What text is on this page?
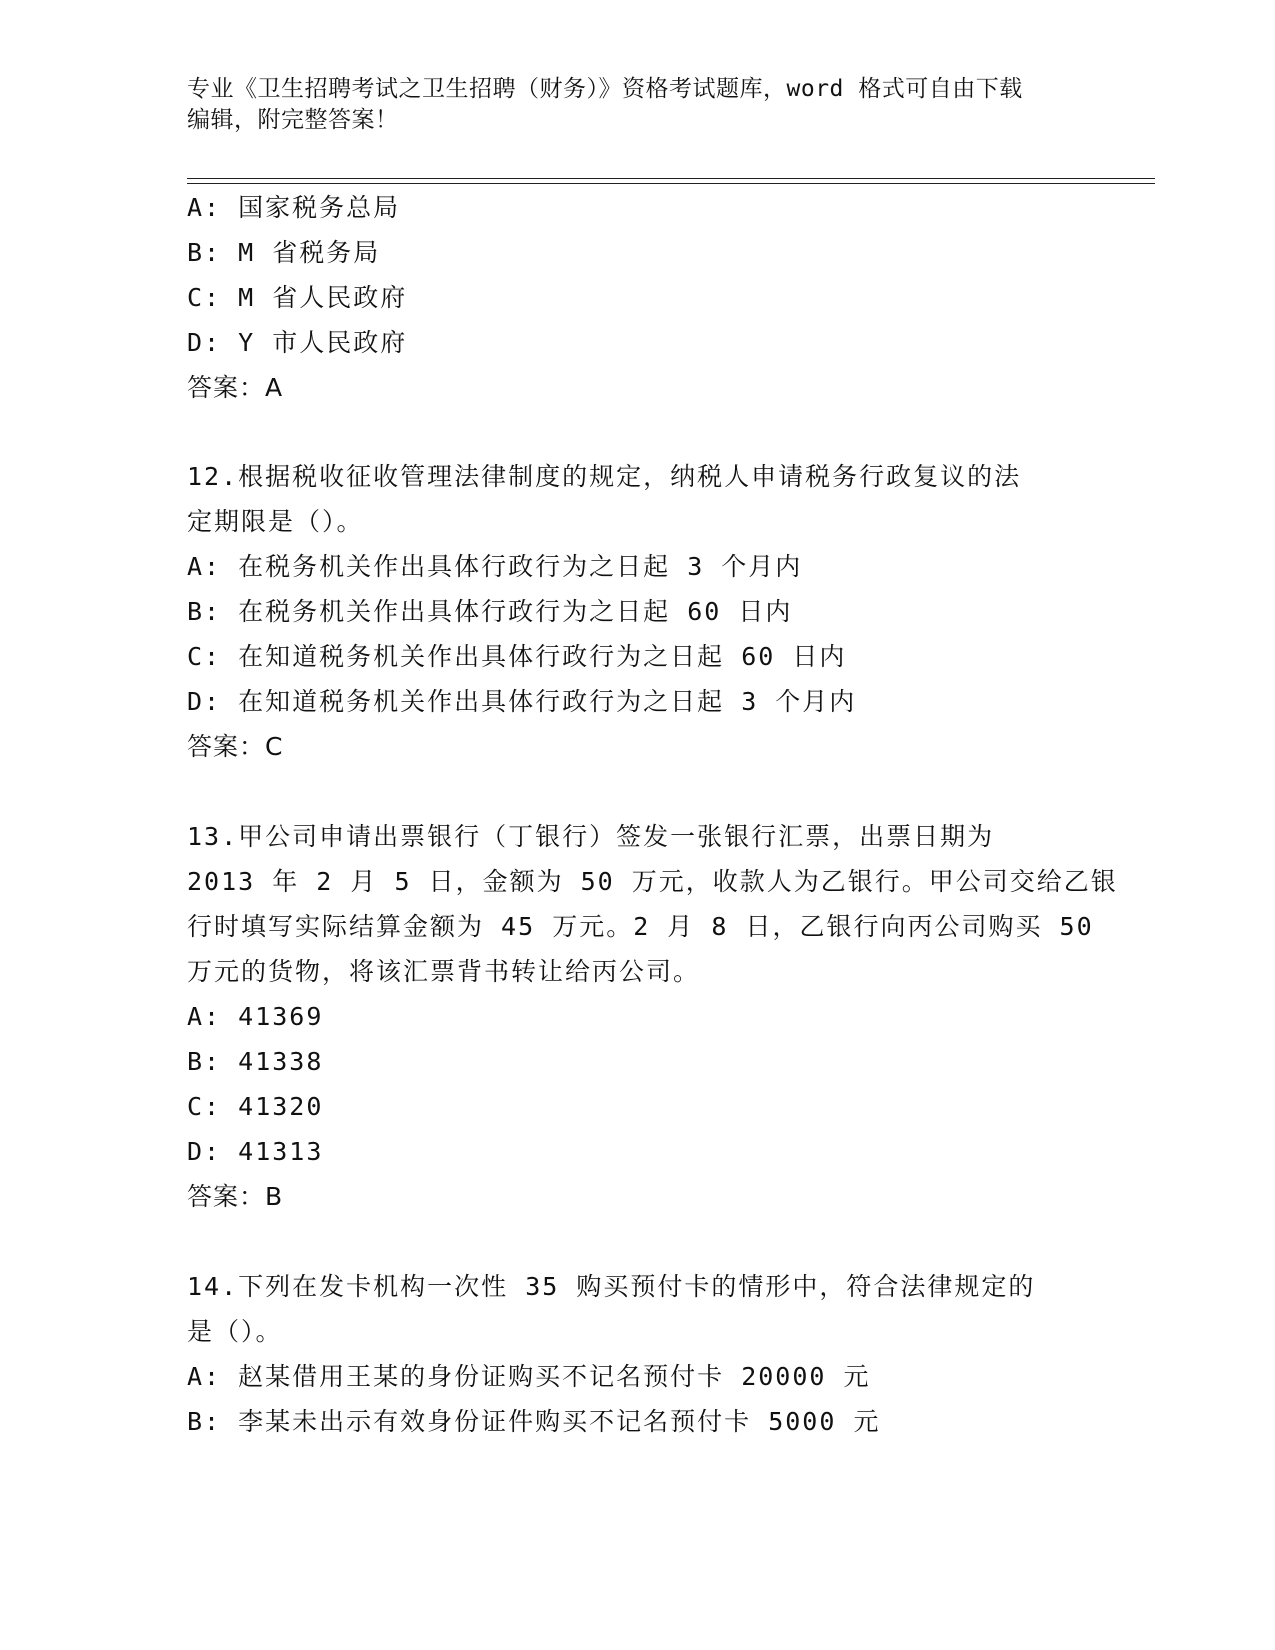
专业《卫生招聘考试之卫生招聘（财务）》资格考试题库，word 格式可自由下载
编辑，附完整答案！
A: 国家税务总局
B: M 省税务局
C: M 省人民政府
D: Y 市人民政府
答案：A
12.根据税收征收管理法律制度的规定，纳税人申请税务行政复议的法
定期限是（）。
A: 在税务机关作出具体行政行为之日起 3 个月内
B: 在税务机关作出具体行政行为之日起 60 日内
C: 在知道税务机关作出具体行政行为之日起 60 日内
D: 在知道税务机关作出具体行政行为之日起 3 个月内
答案：C
13.甲公司申请出票银行（丁银行）签发一张银行汇票，出票日期为
2013 年 2 月 5 日，金额为 50 万元，收款人为乙银行。甲公司交给乙银
行时填写实际结算金额为 45 万元。2 月 8 日，乙银行向丙公司购买 50
万元的货物，将该汇票背书转让给丙公司。
A: 41369
B: 41338
C: 41320
D: 41313
答案：B
14.下列在发卡机构一次性 35 购买预付卡的情形中，符合法律规定的
是（）。
A: 赵某借用王某的身份证购买不记名预付卡 20000 元
B: 李某未出示有效身份证件购买不记名预付卡 5000 元
